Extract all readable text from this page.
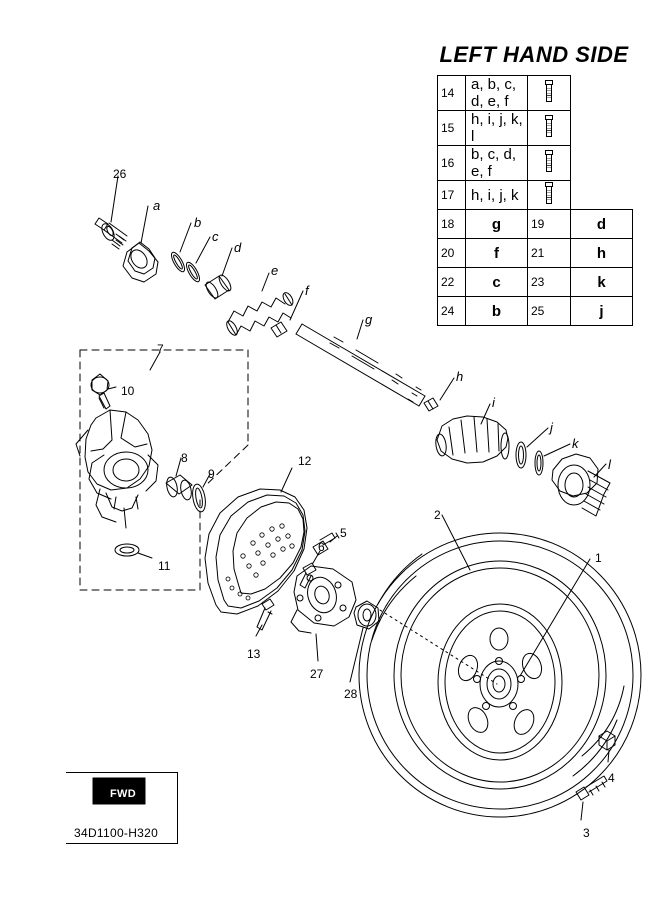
LEFT HAND SIDE
14	a, b, c, d, e, f		

15	h, i, j, k, l		

16	b, c, d, e, f		

17	h, i, j, k		

18	g	19	d
20	f	21	h
22	c	23	k
24	b	25	j
26
a
b
c
d
e
f
g
h
i
j
k
l
7
10
8
9
12
5
6
11
2
1
13
27
28
4
3
FWD
34D1100-H320
